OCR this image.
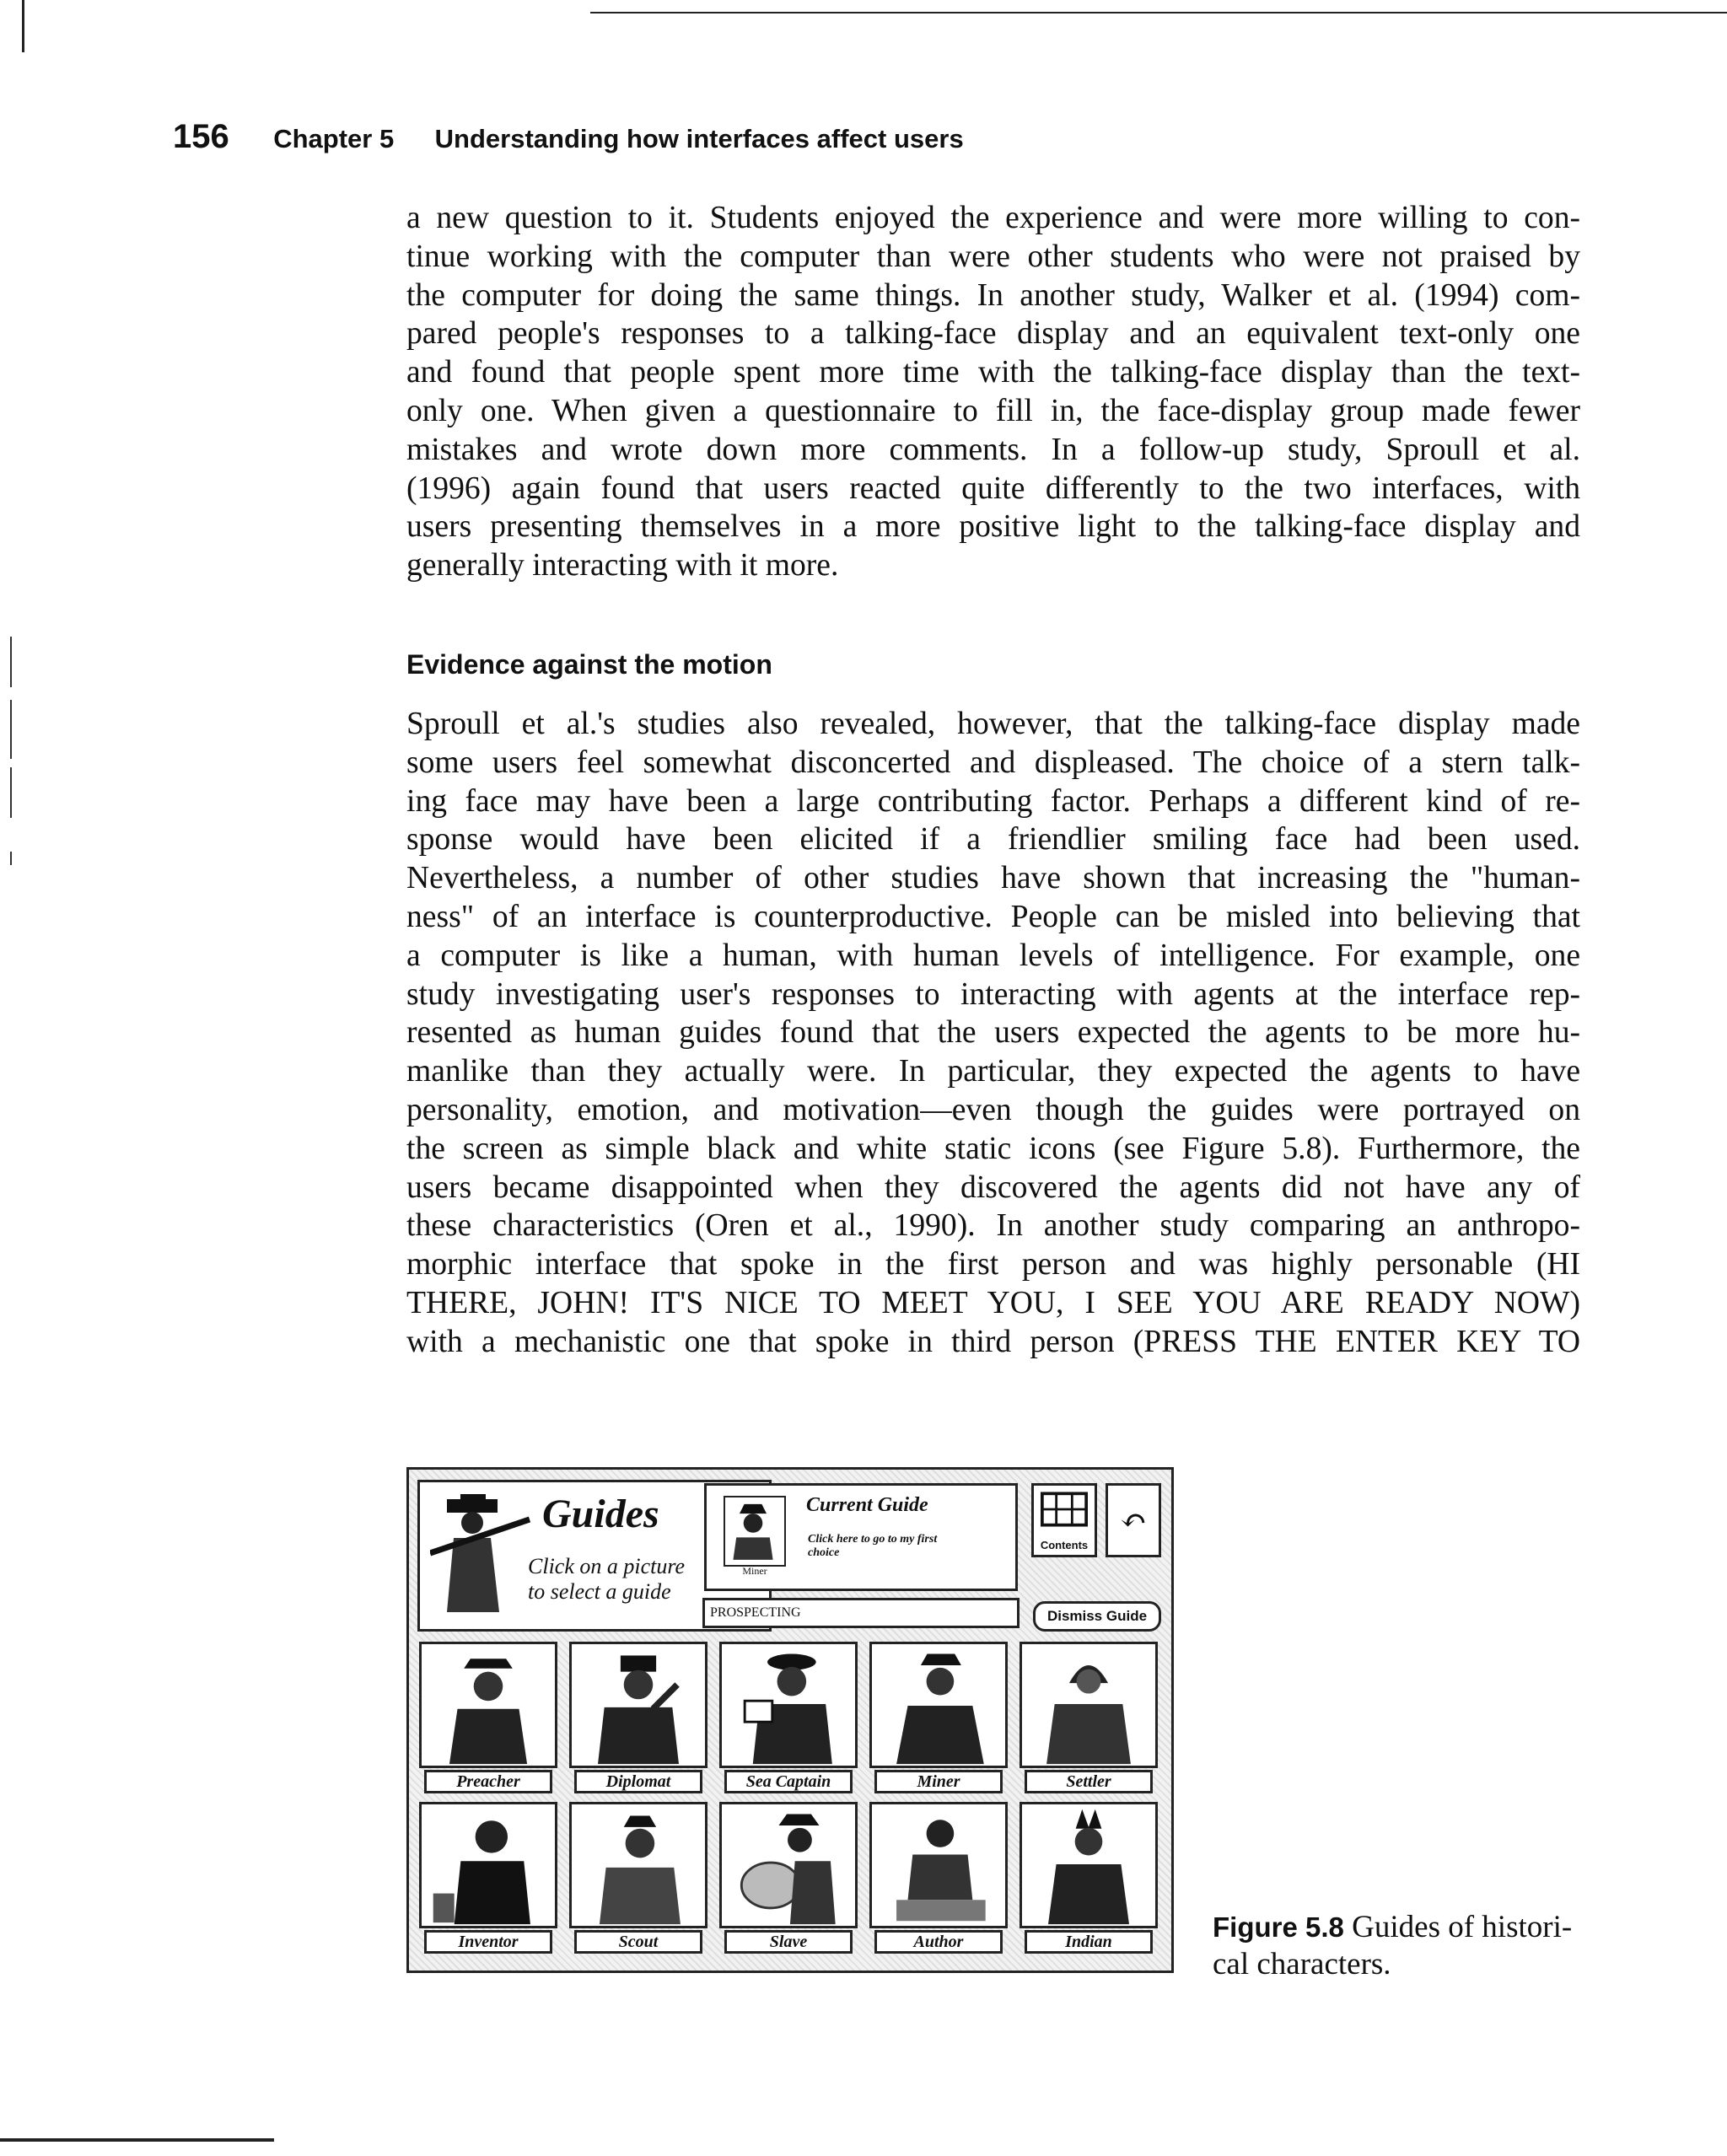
156 Chapter 5 Understanding how interfaces affect users
a new question to it. Students enjoyed the experience and were more willing to con-
tinue working with the computer than were other students who were not praised by
the computer for doing the same things. In another study, Walker et al. (1994) com-
pared people's responses to a talking-face display and an equivalent text-only one
and found that people spent more time with the talking-face display than the text-
only one. When given a questionnaire to fill in, the face-display group made fewer
mistakes and wrote down more comments. In a follow-up study, Sproull et al.
(1996) again found that users reacted quite differently to the two interfaces, with
users presenting themselves in a more positive light to the talking-face display and
generally interacting with it more.
Evidence against the motion
Sproull et al.'s studies also revealed, however, that the talking-face display made
some users feel somewhat disconcerted and displeased. The choice of a stern talk-
ing face may have been a large contributing factor. Perhaps a different kind of re-
sponse would have been elicited if a friendlier smiling face had been used.
Nevertheless, a number of other studies have shown that increasing the "human-
ness" of an interface is counterproductive. People can be misled into believing that
a computer is like a human, with human levels of intelligence. For example, one
study investigating user's responses to interacting with agents at the interface rep-
resented as human guides found that the users expected the agents to be more hu-
manlike than they actually were. In particular, they expected the agents to have
personality, emotion, and motivation—even though the guides were portrayed on
the screen as simple black and white static icons (see Figure 5.8). Furthermore, the
users became disappointed when they discovered the agents did not have any of
these characteristics (Oren et al., 1990). In another study comparing an anthropo-
morphic interface that spoke in the first person and was highly personable (HI
THERE, JOHN! IT'S NICE TO MEET YOU, I SEE YOU ARE READY NOW)
with a mechanistic one that spoke in third person (PRESS THE ENTER KEY TO
Guides
Click on a picture to select a guide
Miner
Current Guide
Click here to go to my first choice
PROSPECTING
Contents
↶
Dismiss Guide
Preacher	Diplomat	Sea Captain	Miner	Settler
Inventor	Scout	Slave	Author	Indian	Figure 5.8 Guides of histori- cal characters.
